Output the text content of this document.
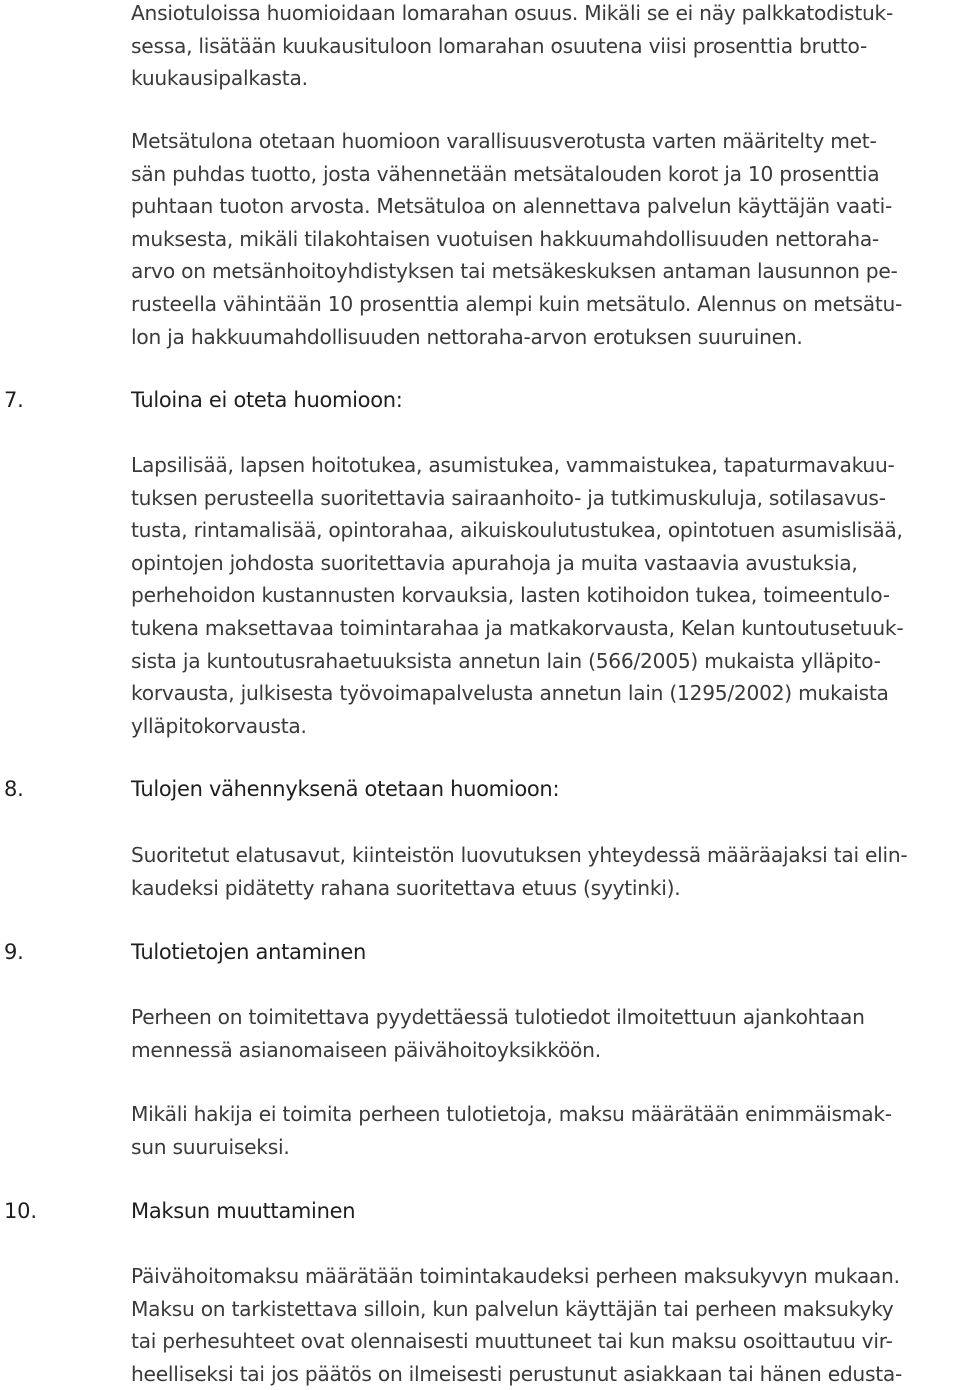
Ansiotuloissa huomioidaan lomarahan osuus. Mikäli se ei näy palkkatodistuk-
sessa, lisätään kuukausituloon lomarahan osuutena viisi prosenttia brutto-
kuukausipalkasta.

Metsätulona otetaan huomioon varallisuusverotusta varten määritelty met-
sän puhdas tuotto, josta vähennetään metsätalouden korot ja 10 prosenttia
puhtaan tuoton arvosta. Metsätuloa on alennettava palvelun käyttäjän vaati-
muksesta, mikäli tilakohtaisen vuotuisen hakkuumahdollisuuden nettoraha-
arvo on metsänhoitoyhdistyksen tai metsäkeskuksen antaman lausunnon pe-
rusteella vähintään 10 prosenttia alempi kuin metsätulo. Alennus on metsätu-
lon ja hakkuumahdollisuuden nettoraha-arvon erotuksen suuruinen.

7.	Tuloina ei oteta huomioon:

Lapsilisää, lapsen hoitotukea, asumistukea, vammaistukea, tapaturmavakuu-
tuksen perusteella suoritettavia sairaanhoito- ja tutkimuskuluja, sotilasavus-
tusta, rintamalisää, opintorahaa, aikuiskoulutustukea, opintotuen asumislisää,
opintojen johdosta suoritettavia apurahoja ja muita vastaavia avustuksia,
perhehoidon kustannusten korvauksia, lasten kotihoidon tukea, toimeentulo-
tukena maksettavaa toimintarahaa ja matkakorvausta, Kelan kuntoutusetuuk-
sista ja kuntoutusrahaetuuksista annetun lain (566/2005) mukaista ylläpito-
korvausta, julkisesta työvoimapalvelusta annetun lain (1295/2002) mukaista
ylläpitokorvausta.

8.	Tulojen vähennyksenä otetaan huomioon:

Suoritetut elatusavut, kiinteistön luovutuksen yhteydessä määräajaksi tai elin-
kaudeksi pidätetty rahana suoritettava etuus (syytinki).

9.	Tulotietojen antaminen

Perheen on toimitettava pyydettäessä tulotiedot ilmoitettuun ajankohtaan
mennessä asianomaiseen päivähoitoyksikköön.

Mikäli hakija ei toimita perheen tulotietoja, maksu määrätään enimmäismak-
sun suuruiseksi.

10.	Maksun muuttaminen

Päivähoitomaksu määrätään toimintakaudeksi perheen maksukyvyn mukaan.
Maksu on tarkistettava silloin, kun palvelun käyttäjän tai perheen maksukyky
tai perhesuhteet ovat olennaisesti muuttuneet tai kun maksu osoittautuu vir-
heelliseksi tai jos päätös on ilmeisesti perustunut asiakkaan tai hänen edusta-
